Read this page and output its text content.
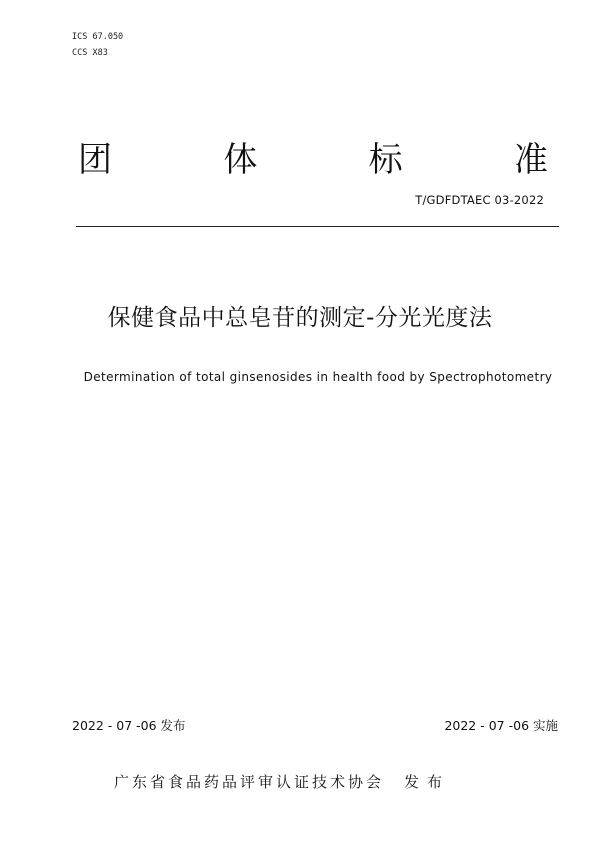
ICS 67.050
CCS X83
团	体	标	准
T/GDFDTAEC 03-2022
保健食品中总皂苷的测定-分光光度法
Determination of total ginsenosides in health food by Spectrophotometry
2022 - 07 -06 发布	2022 - 07 -06 实施
广东省食品药品评审认证技术协会 发布
